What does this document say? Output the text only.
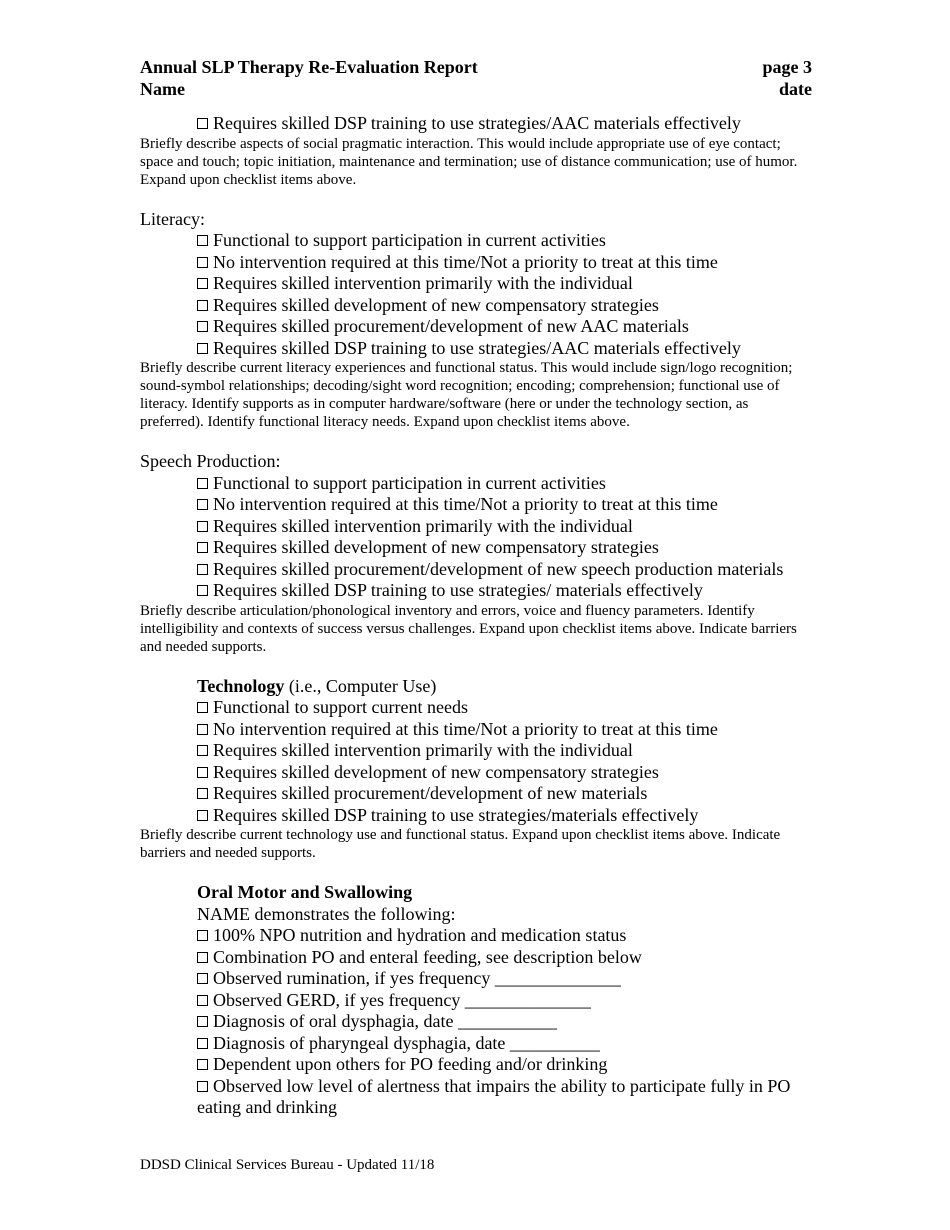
Annual SLP Therapy Re-Evaluation Report	page 3
Name	date
Requires skilled DSP training to use strategies/AAC materials effectively

Briefly describe aspects of social pragmatic interaction. This would include appropriate use of eye contact; space and touch; topic initiation, maintenance and termination; use of distance communication; use of humor. Expand upon checklist items above.

Literacy:
Functional to support participation in current activities
No intervention required at this time/Not a priority to treat at this time
Requires skilled intervention primarily with the individual
Requires skilled development of new compensatory strategies
Requires skilled procurement/development of new AAC materials
Requires skilled DSP training to use strategies/AAC materials effectively

Briefly describe current literacy experiences and functional status. This would include sign/logo recognition; sound-symbol relationships; decoding/sight word recognition; encoding; comprehension; functional use of literacy. Identify supports as in computer hardware/software (here or under the technology section, as preferred). Identify functional literacy needs. Expand upon checklist items above.

Speech Production:
Functional to support participation in current activities
No intervention required at this time/Not a priority to treat at this time
Requires skilled intervention primarily with the individual
Requires skilled development of new compensatory strategies
Requires skilled procurement/development of new speech production materials
Requires skilled DSP training to use strategies/ materials effectively

Briefly describe articulation/phonological inventory and errors, voice and fluency parameters. Identify intelligibility and contexts of success versus challenges. Expand upon checklist items above. Indicate barriers and needed supports.

Technology (i.e., Computer Use)
Functional to support current needs
No intervention required at this time/Not a priority to treat at this time
Requires skilled intervention primarily with the individual
Requires skilled development of new compensatory strategies
Requires skilled procurement/development of new materials
Requires skilled DSP training to use strategies/materials effectively

Briefly describe current technology use and functional status. Expand upon checklist items above. Indicate barriers and needed supports.

Oral Motor and Swallowing
NAME demonstrates the following:
100% NPO nutrition and hydration and medication status
Combination PO and enteral feeding, see description below
Observed rumination, if yes frequency ______________
Observed GERD, if yes frequency ______________
Diagnosis of oral dysphagia, date ___________
Diagnosis of pharyngeal dysphagia, date __________
Dependent upon others for PO feeding and/or drinking
Observed low level of alertness that impairs the ability to participate fully in PO eating and drinking
DDSD Clinical Services Bureau - Updated 11/18
